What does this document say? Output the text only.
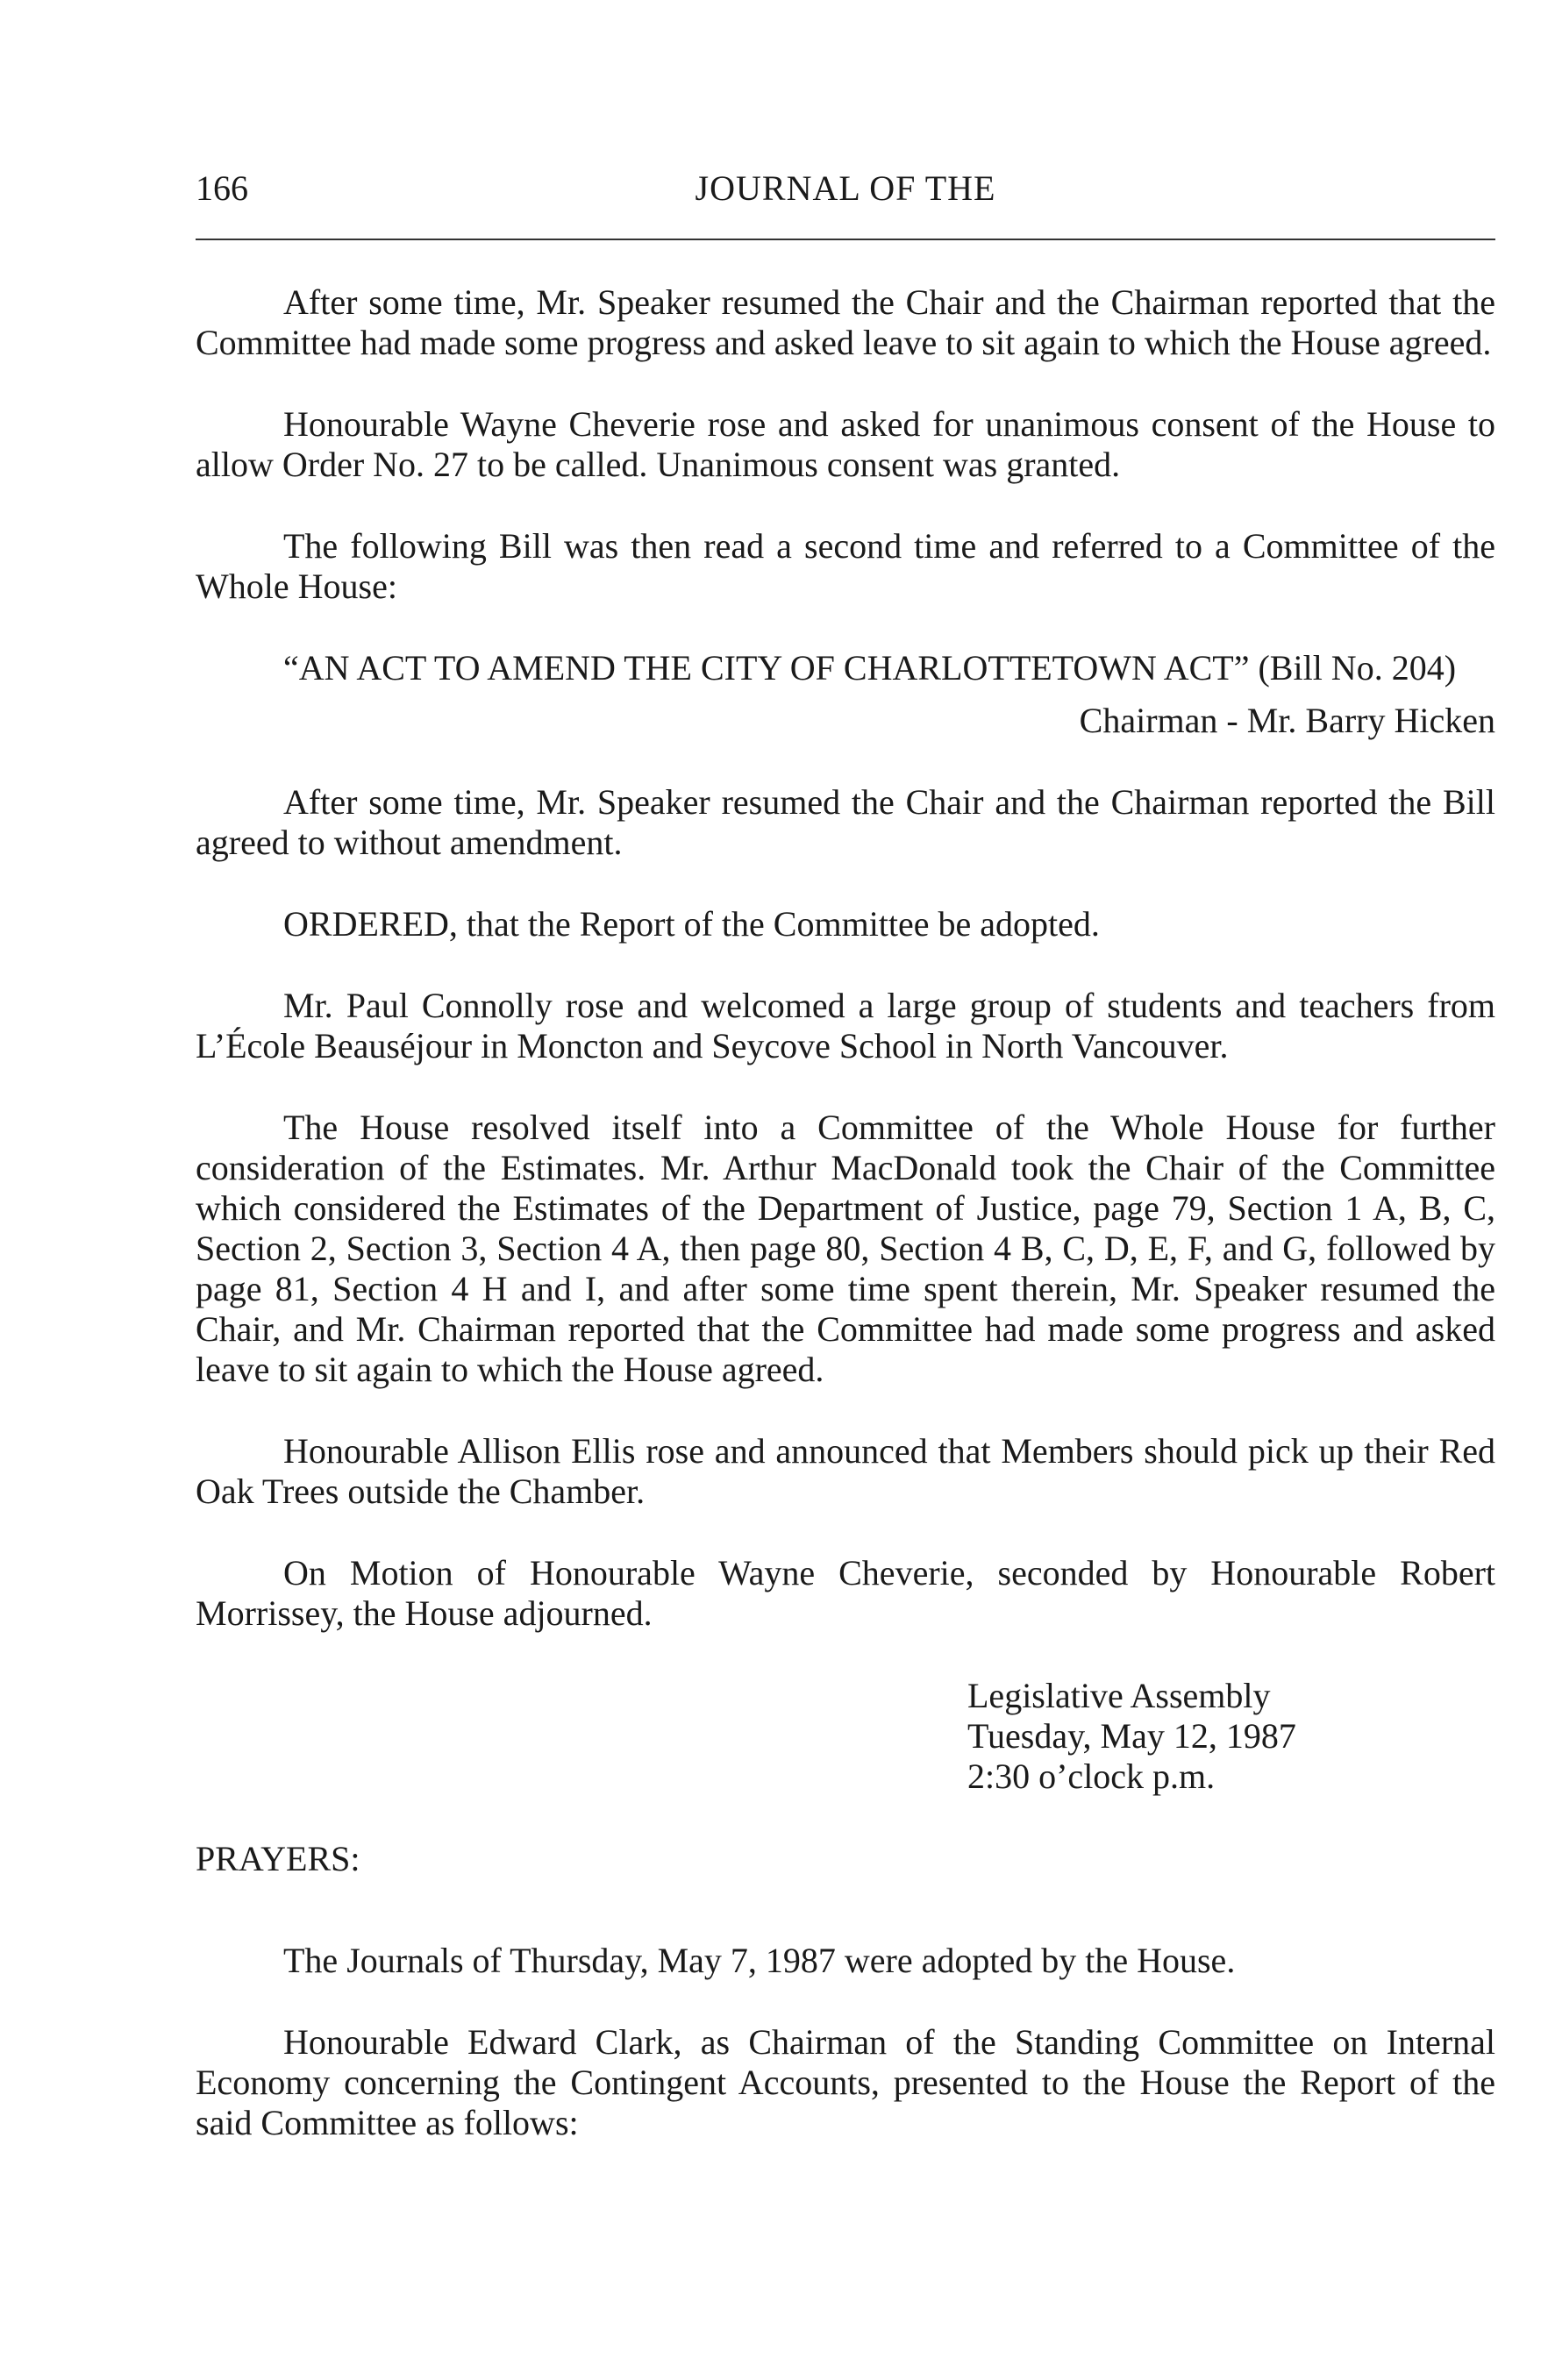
166	JOURNAL OF THE

After some time, Mr. Speaker resumed the Chair and the Chairman reported that the Committee had made some progress and asked leave to sit again to which the House agreed.

Honourable Wayne Cheverie rose and asked for unanimous consent of the House to allow Order No. 27 to be called. Unanimous consent was granted.

The following Bill was then read a second time and referred to a Committee of the Whole House:

“AN ACT TO AMEND THE CITY OF CHARLOTTETOWN ACT” (Bill No. 204)

Chairman - Mr. Barry Hicken

After some time, Mr. Speaker resumed the Chair and the Chairman reported the Bill agreed to without amendment.

ORDERED, that the Report of the Committee be adopted.

Mr. Paul Connolly rose and welcomed a large group of students and teachers from L’École Beauséjour in Moncton and Seycove School in North Vancouver.

The House resolved itself into a Committee of the Whole House for further consideration of the Estimates. Mr. Arthur MacDonald took the Chair of the Committee which considered the Estimates of the Department of Justice, page 79, Section 1 A, B, C, Section 2, Section 3, Section 4 A, then page 80, Section 4 B, C, D, E, F, and G, followed by page 81, Section 4 H and I, and after some time spent therein, Mr. Speaker resumed the Chair, and Mr. Chairman reported that the Committee had made some progress and asked leave to sit again to which the House agreed.

Honourable Allison Ellis rose and announced that Members should pick up their Red Oak Trees outside the Chamber.

On Motion of Honourable Wayne Cheverie, seconded by Honourable Robert Morrissey, the House adjourned.

Legislative Assembly
Tuesday, May 12, 1987
2:30 o’clock p.m.

PRAYERS:

The Journals of Thursday, May 7, 1987 were adopted by the House.

Honourable Edward Clark, as Chairman of the Standing Committee on Internal Economy concerning the Contingent Accounts, presented to the House the Report of the said Committee as follows:
